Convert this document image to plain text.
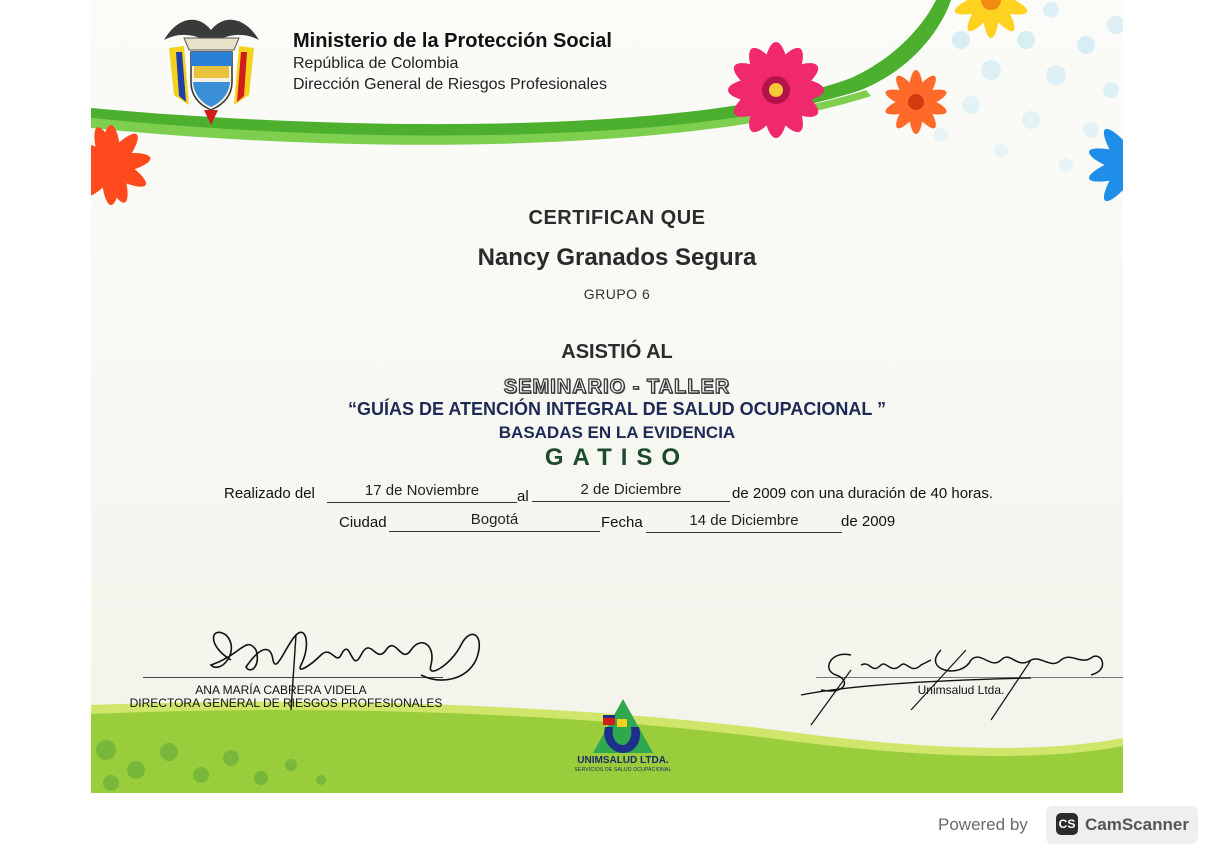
Ministerio de la Protección Social
República de Colombia
Dirección General de Riesgos Profesionales
CERTIFICAN QUE
Nancy Granados Segura
GRUPO 6
ASISTIÓ AL
SEMINARIO - TALLER
“GUÍAS DE ATENCIÓN INTEGRAL DE SALUD OCUPACIONAL ”
BASADAS EN LA EVIDENCIA
GATISO
Realizado del	17 de Noviembre	al	2 de Diciembre	de 2009 con una duración de 40 horas.
Ciudad	Bogotá	Fecha	14 de Diciembre	de 2009
ANA MARÍA CABRERA VIDELA
DIRECTORA GENERAL DE RIESGOS PROFESIONALES
Unimsalud Ltda.
UNIMSALUD LTDA.
SERVICIOS DE SALUD OCUPACIONAL
Powered by	CS CamScanner
